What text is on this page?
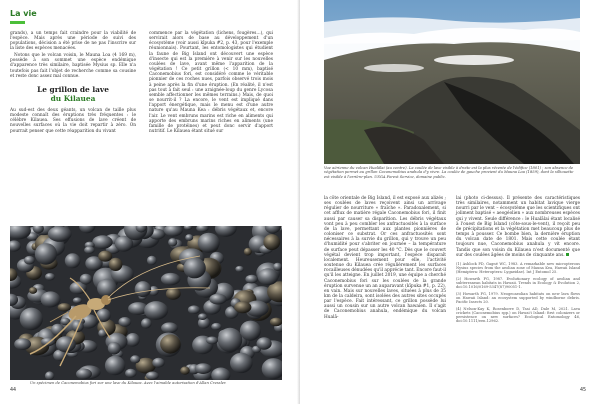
La vie

grands), a un temps fait craindre pour la viabilité de l'espèce. Mais après une période de suivi des populations, décision a été prise de ne pas l'inscrire sur la liste des espèces menacées.

Notons que le volcan voisin, le Mauna Loa (4 169 m), possède à son sommet une espèce endémique d'apparence très similaire, baptisée Mysius sp. Elle n'a toutefois pas fait l'objet de recherche comme sa cousine et reste donc assez mal connue.

Le grillon de lave
du Kilauea

Au sud-est des deux géants, un volcan de taille plus modeste connaît des éruptions très fréquentes : le célèbre Kilauea. Ses effusions de lave créent de nouvelles surfaces où la vie doit repartir à zéro. On pourrait penser que cette réapparition du vivant

commence par la végétation (lichens, fougères…), qui servirait alors de base au développement d'un écosystème (voir aussi kīpuka #2, p. 43, pour l'exemple réunionnais). Pourtant, les entomologistes qui étudient la faune de Big Island ont découvert une espèce d'insecte qui est la première à venir sur les nouvelles coulées de lave, avant même l'apparition de la végétation ! Ce petit grillon (< 10 mm), baptisé Caconemobius fori, est considéré comme le véritable pionnier de ces roches nues, parfois observé trois mois à peine après la fin d'une éruption. (En réalité, il n'est pas tout à fait seul : une araignée-loup du genre Lycosa semble affectionner les mêmes terrains.) Mais, de quoi se nourrit-il ? La encore, le vent est impliqué dans l'apport énergétique, mais le menu est d'une autre nature qu'au Mauna Kea : débris végétaux et, encore l'air. Le vent embruns marins est riche en aliments qui apporte des embruns marins riches en aliments (une famille de protéines) et peut donc servir d'apport nutritif. Le Kilauea étant situé sur

Un spécimen de Caconemobius fori sur une lave du Kilauea. Avec l'aimable autorisation d'Allan Cressler.
44
Vue aérienne du volcan Hualālai (au centre). La coulée de lave visible à droite est la plus récente de l'édifice (1801) ; son absence de végétation permet au grillon Caconemobius anahula d'y vivre. La coulée de gauche provient du Mauna Loa (1859), dont la silhouette est visible à l'arrière-plan. USGA Forest Service, domaine public.

la côte orientale de Big Island, il est exposé aux alizés ; ses coulées de laves reçoivent ainsi un arrivage régulier de nourriture « fraîche ». Paradoxalement, si cet afflux de matière régale Caconemobius fori, il finit aussi par causer sa disparition. Les débris végétaux vont peu à peu combler les anfractuosités à la surface de la lave, permettant aux plantes pionnières de coloniser ce substrat. Or ces anfractuosités sont nécessaires à la survie du grillon, qui y trouve un peu d'humidité pour s'abriter en journée – la température de surface peut dépasser les 40 °C. Dès que le couvert végétal devient trop important, l'espèce disparaît localement. Heureusement pour elle, l'activité soutenue du Kilauea crée régulièrement les surfaces rocailleuses dénudées qu'il apprécie tant. Encore faut-il qu'il les atteigne. En juillet 2019, une équipe a cherché Caconemobius fori sur les coulées de la grande éruption survenue un an auparavant (kīpuka #1, p. 22), en vain. Mais sur nouvelles laves, situées à plus de 35 km de la caldeira, sont isolées des autres sites occupés par l'espèce. Fait intéressant, ce grillon possède lui aussi un cousin sur un autre volcan hawaïen. Il s'agit de Caconemobius anahula, endémique du volcan Hualā-

lai (photo ci-dessus). Il présente des caractéristiques très similaires, notamment un habitat lavique vierge nourri par le vent – écosystème que les scientifiques ont joliment baptisé « aeogéolien » aux nombreuses espèces qui y vivent. Seule différence : le Hualālai étant localisé à l'ouest de Big Island (côte-sous-le-vent), il reçoit peu de précipitations et la végétation met beaucoup plus de temps à pousser. Ce bombe bien, la dernière éruption du volcan date de 1801. Mais cette coulée étant toujours nue, Caconemobius anahula y vit encore. Tandis que son voisin du Kilauea n'est documenté que sur des coulées âgées de moins de cinquante ans.

(1) Ashlock PD, Gagné WC, 1983. A remarkable new micropterous Nysius species from the aeolian zone of Mauna Kea, Hawaii Island (Hemiptera: Heteroptera: Lygaeidae). Int J Entomol 25.

(2) Howarth FG, 1987. Evolutionary ecology of aeolian and subterranean habitats in Hawaii. Trends in Ecology & Evolution 2, doi:10.1016/0169-5347(87)90051-1.

(3) Howarth FG, 1979. Neogeoaeolian habitats on new lava flows on Hawaii Island: an ecosystem supported by windborne debris. Pacific Insects 20.

(4) Nelson-Kay K, Rosenborre D, Tsai AD, Dale M, 2021. Lava crickets (Caconemobius spp.) on Hawai'i Island: first colonizers or persistence on new surfaces? Ecological Entomology 46, doi:10.1111/een.12962.

45
